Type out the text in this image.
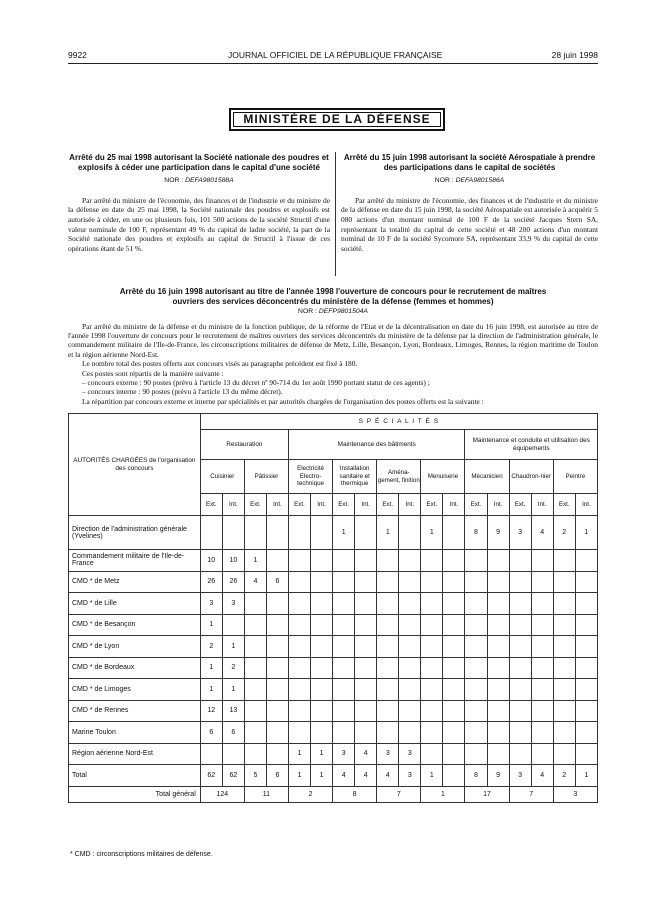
9922	JOURNAL OFFICIEL DE LA RÉPUBLIQUE FRANÇAISE	28 juin 1998
MINISTÈRE DE LA DÉFENSE
Arrêté du 25 mai 1998 autorisant la Société nationale des poudres et explosifs à céder une participation dans le capital d'une société
NOR : DEFA9801588A
Par arrêté du ministre de l'économie, des finances et de l'industrie et du ministre de la défense en date du 25 mai 1998, la Société nationale des poudres et explosifs est autorisée à céder, en une ou plusieurs fois, 101 500 actions de la société Structil d'une valeur nominale de 100 F, représentant 49 % du capital de ladite société, la part de la Société nationale des poudres et explosifs au capital de Structil à l'issue de ces opérations étant de 51 %.
Arrêté du 15 juin 1998 autorisant la société Aérospatiale à prendre des participations dans le capital de sociétés
NOR : DEFA9801586A
Par arrêté du ministre de l'économie, des finances et de l'industrie et du ministre de la défense en date du 15 juin 1998, la société Aérospatiale est autorisée à acquérir 5 080 actions d'un montant nominal de 100 F de la société Jacques Stern SA, représentant la totalité du capital de cette société et 48 200 actions d'un montant nominal de 10 F de la société Sycomore SA, représentant 33,9 % du capital de cette société.
Arrêté du 16 juin 1998 autorisant au titre de l'année 1998 l'ouverture de concours pour le recrutement de maîtres ouvriers des services déconcentrés du ministère de la défense (femmes et hommes)
NOR : DEFP9801504A

Par arrêté du ministre de la défense et du ministre de la fonction publique, de la réforme de l'Etat et de la décentralisation en date du 16 juin 1998, est autorisée au titre de l'année 1998 l'ouverture de concours pour le recrutement de maîtres ouvriers des services déconcentrés du ministère de la défense par la direction de l'administration générale, le commandement militaire de l'Ile-de-France, les circonscriptions militaires de défense de Metz, Lille, Besançon, Lyon, Bordeaux, Limoges, Rennes, la région maritime de Toulon et la région aérienne Nord-Est.

Le nombre total des postes offerts aux concours visés au paragraphe précédent est fixé à 180.

Ces postes sont répartis de la manière suivante :

– concours externe : 90 postes (prévu à l'article 13 du décret nº 90-714 du 1er août 1990 portant statut de ces agents) ;

– concours interne : 90 postes (prévu à l'article 13 du même décret).

La répartition par concours externe et interne par spécialités et par autorités chargées de l'organisation des postes offerts est la suivante :

AUTORITÉS CHARGÉES de l'organisation des concours	S P É C I A L I T É S																	
	Restauration				Maintenance des bâtiments								Maintenance et conduite et utilisation des équipements					
	Cuisinier		Pâtissier		Electricité Electro-technique		Installation sanitaire et thermique		Aména-gement, finition		Menuiserie		Mécanicien		Chaudron-nier		Peintre	
	Ext.	Int.	Ext.	Int.	Ext.	Int.	Ext.	Int.	Ext.	Int.	Ext.	Int.	Ext.	Int.	Ext.	Int.	Ext.	Int.
Direction de l'administration générale (Yvelines)							1		1		1		8	9	3	4	2	1
Commandement militaire de l'Ile-de-France	10	10	1															
CMD * de Metz	26	26	4	6														
CMD * de Lille	3	3																
CMD * de Besançon	1																	
CMD * de Lyon	2	1																
CMD * de Bordeaux	1	2																
CMD * de Limoges	1	1																
CMD * de Rennes	12	13																
Marine Toulon	6	6																
Région aérienne Nord-Est					1	1	3	4	3	3								
Total	62	62	5	6	1	1	4	4	4	3	1		8	9	3	4	2	1
Total général	124		11		2		8		7		1		17		7		3	
* CMD : circonscriptions militaires de défense.
